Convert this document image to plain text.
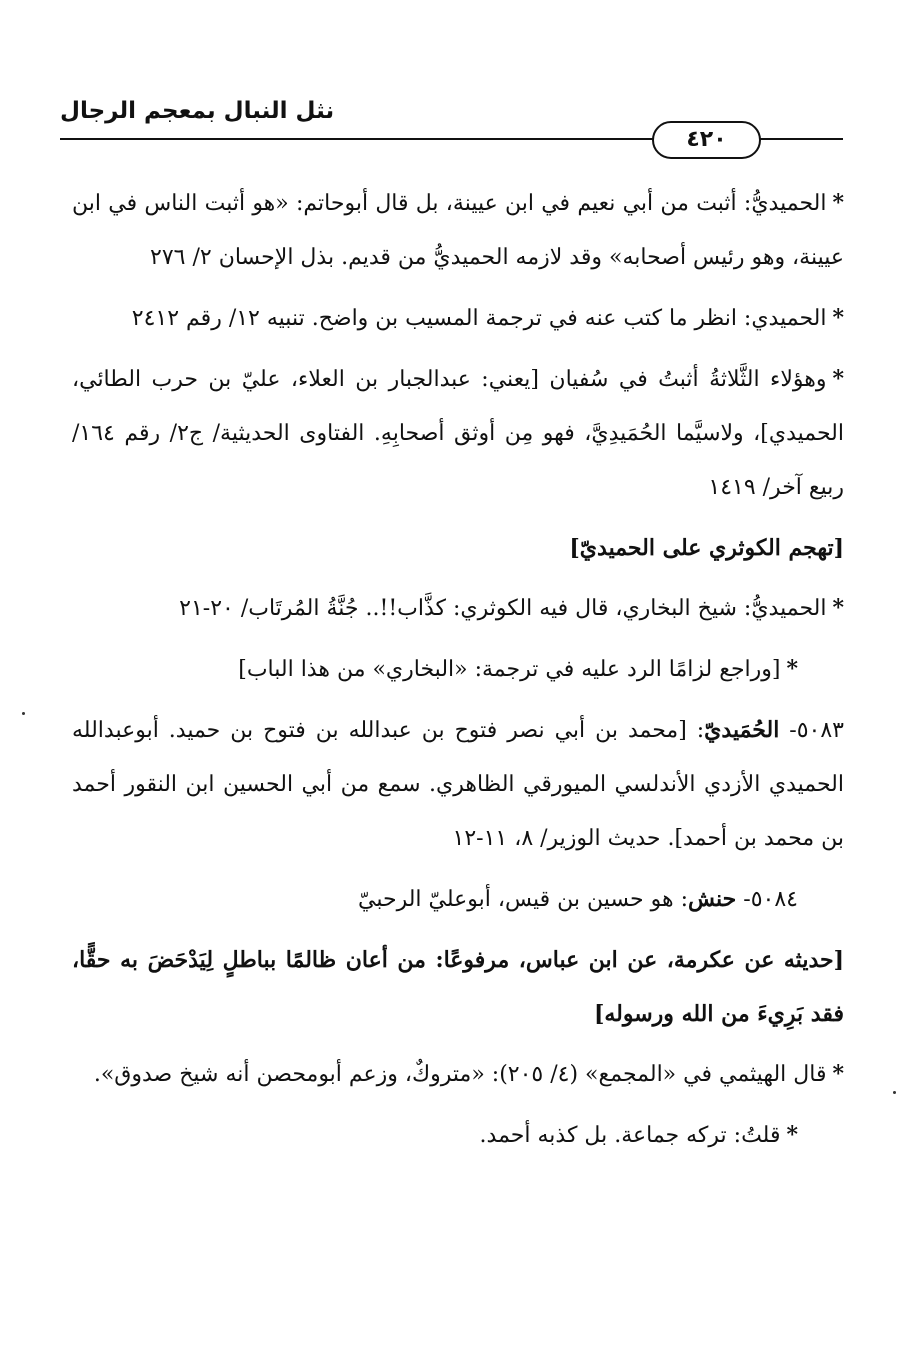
نثل النبال بمعجم الرجال
٤٢٠

*الحميديُّ: أثبت من أبي نعيم في ابن عيينة، بل قال أبوحاتم: «هو أثبت الناس في ابن عيينة، وهو رئيس أصحابه» وقد لازمه الحميديُّ من قديم. بذل الإحسان ٢/ ٢٧٦

*الحميدي: انظر ما كتب عنه في ترجمة المسيب بن واضح. تنبيه ١٢/ رقم ٢٤١٢

*وهؤلاء الثَّلاثةُ أثبتُ في سُفيان [يعني: عبدالجبار بن العلاء، عليّ بن حرب الطائي، الحميدي]، ولاسيَّما الحُمَيدِيَّ، فهو مِن أوثق أصحابِهِ. الفتاوى الحديثية/ ج٢/ رقم ١٦٤/ ربيع آخر/ ١٤١٩

[تهجم الكوثري على الحميديّ]

*الحميديُّ: شيخ البخاري، قال فيه الكوثري: كذَّاب!!.. جُنَّةُ المُرتَاب/ ٢٠-٢١

*[وراجع لزامًا الرد عليه في ترجمة: «البخاري» من هذا الباب]

٥٠٨٣- الحُمَيديّ: [محمد بن أبي نصر فتوح بن عبدالله بن فتوح بن حميد. أبوعبدالله الحميدي الأزدي الأندلسي الميورقي الظاهري. سمع من أبي الحسين ابن النقور أحمد بن محمد بن أحمد]. حديث الوزير/ ٨، ١١-١٢

٥٠٨٤- حنش: هو حسين بن قيس، أبوعليّ الرحبيّ

[حديثه عن عكرمة، عن ابن عباس، مرفوعًا: من أعان ظالمًا بباطلٍ لِيَدْحَضَ به حقًّا، فقد بَرِيءَ من الله ورسوله]

*قال الهيثمي في «المجمع» (٤/ ٢٠٥): «متروكٌ، وزعم أبومحصن أنه شيخ صدوق».

*قلتُ: تركه جماعة. بل كذبه أحمد.
